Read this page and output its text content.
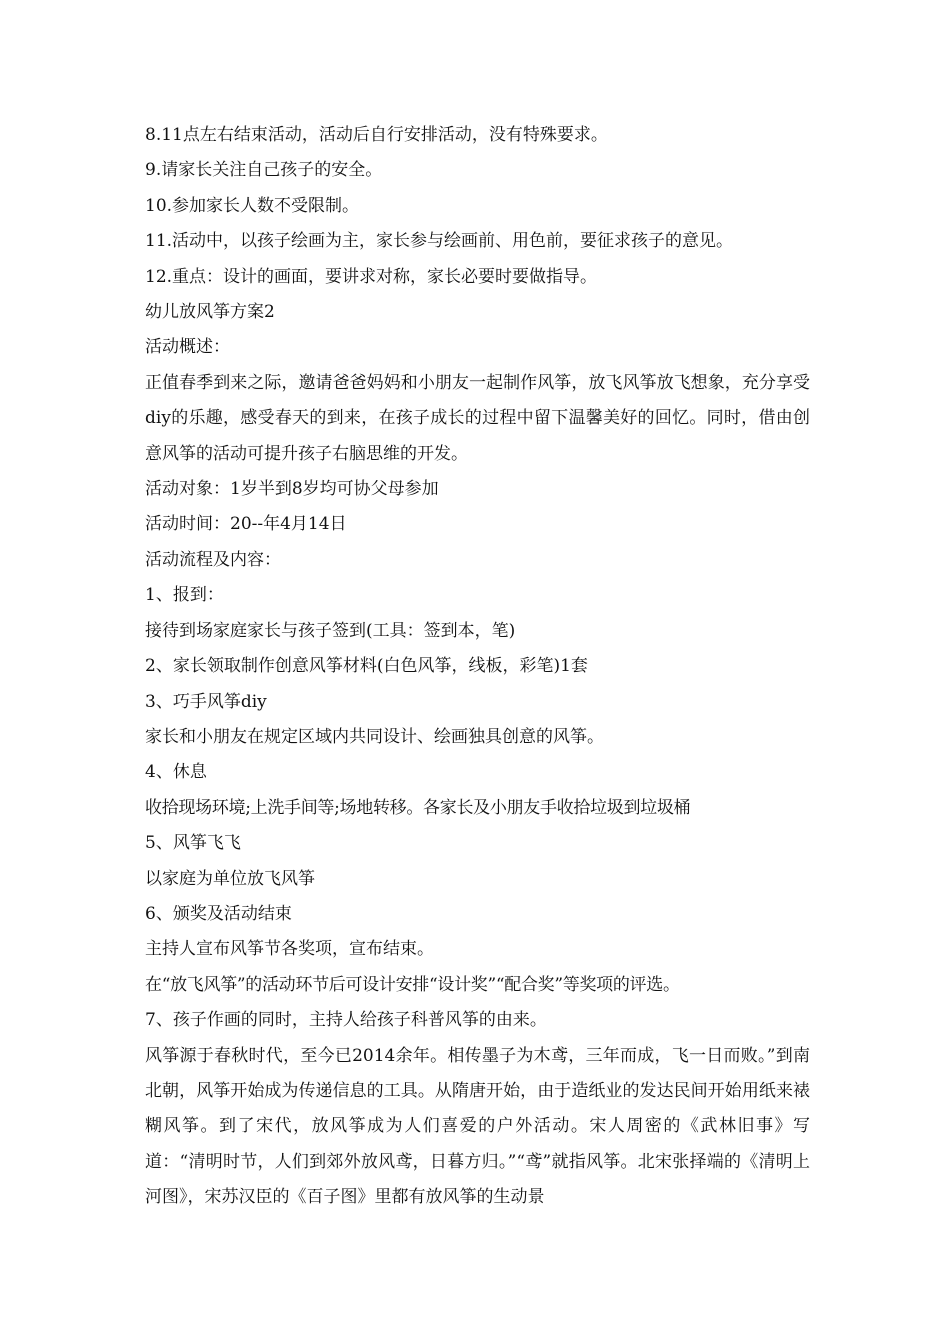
8.11点左右结束活动，活动后自行安排活动，没有特殊要求。

9.请家长关注自己孩子的安全。

10.参加家长人数不受限制。

11.活动中，以孩子绘画为主，家长参与绘画前、用色前，要征求孩子的意见。

12.重点：设计的画面，要讲求对称，家长必要时要做指导。

幼儿放风筝方案2

活动概述：

正值春季到来之际，邀请爸爸妈妈和小朋友一起制作风筝，放飞风筝放飞想象，充分享受diy的乐趣，感受春天的到来，在孩子成长的过程中留下温馨美好的回忆。同时，借由创意风筝的活动可提升孩子右脑思维的开发。

活动对象：1岁半到8岁均可协父母参加

活动时间：20--年4月14日

活动流程及内容：

1、报到：

接待到场家庭家长与孩子签到(工具：签到本，笔)

2、家长领取制作创意风筝材料(白色风筝，线板，彩笔)1套

3、巧手风筝diy

家长和小朋友在规定区域内共同设计、绘画独具创意的风筝。

4、休息

收拾现场环境;上洗手间等;场地转移。各家长及小朋友手收拾垃圾到垃圾桶

5、风筝飞飞

以家庭为单位放飞风筝

6、颁奖及活动结束

主持人宣布风筝节各奖项，宣布结束。

在“放飞风筝”的活动环节后可设计安排“设计奖”“配合奖”等奖项的评选。

7、孩子作画的同时，主持人给孩子科普风筝的由来。

风筝源于春秋时代，至今已2014余年。相传墨子为木鸢，三年而成，飞一日而败。”到南北朝，风筝开始成为传递信息的工具。从隋唐开始，由于造纸业的发达民间开始用纸来裱糊风筝。到了宋代，放风筝成为人们喜爱的户外活动。宋人周密的《武林旧事》写道：“清明时节，人们到郊外放风鸢，日暮方归。”“鸢”就指风筝。北宋张择端的《清明上河图》，宋苏汉臣的《百子图》里都有放风筝的生动景
